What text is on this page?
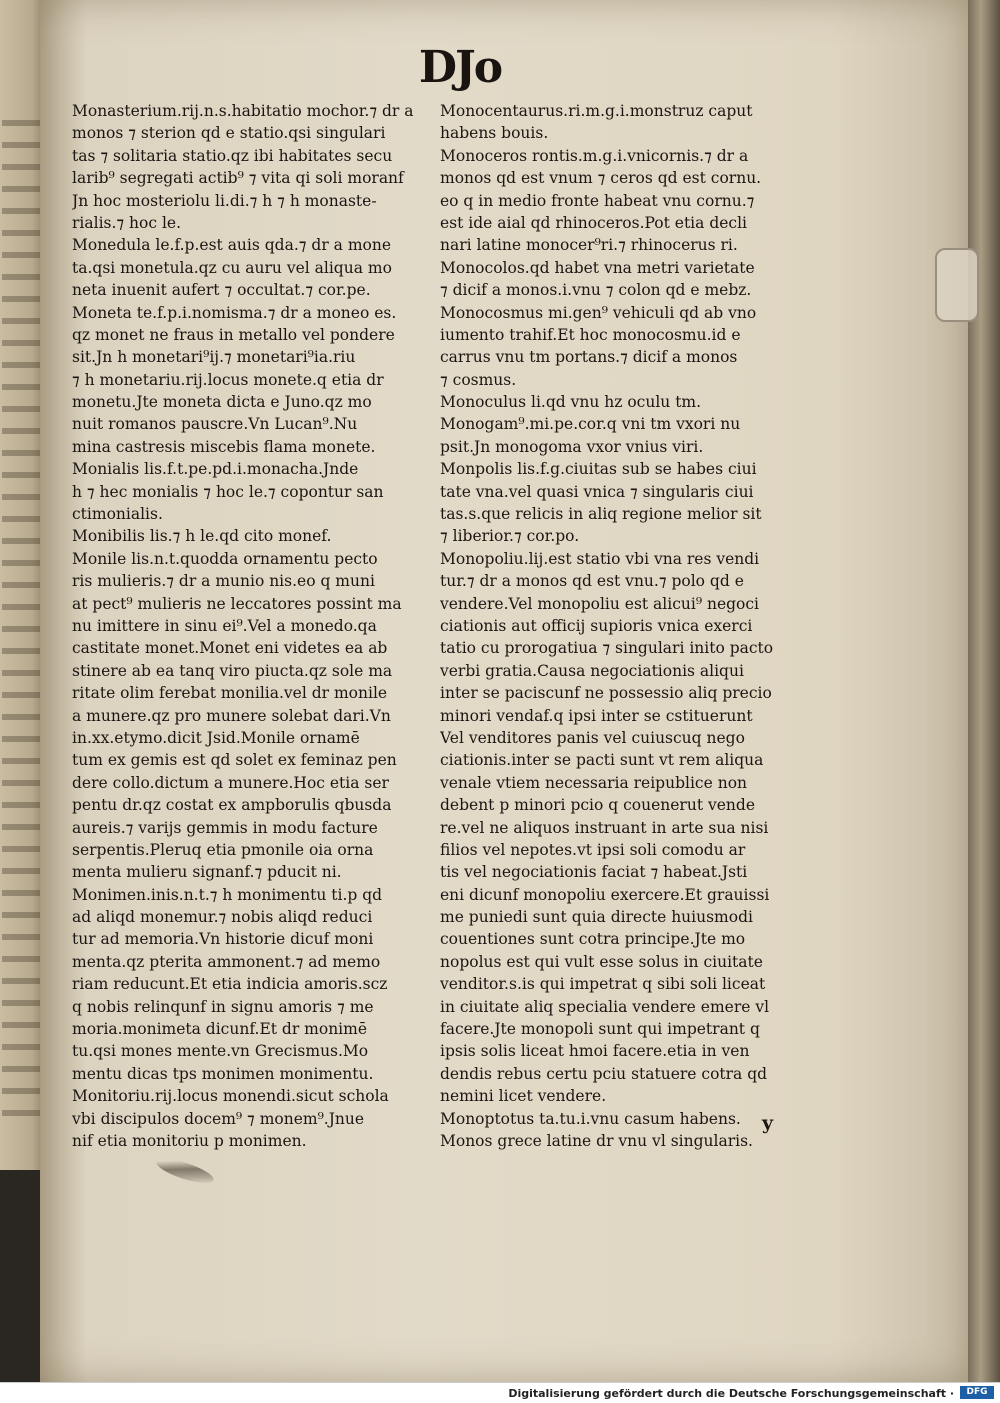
DJo
Monasterium.rij.n.s.habitatio mochor.⁊ dr a
monos ⁊ sterion qd e statio.qsi singulari
tas ⁊ solitaria statio.qz ibi habitates secu
larib⁹ segregati actib⁹ ⁊ vita qi soli moranf
Jn hoc mosteriolu li.di.⁊ h ⁊ h monaste-
rialis.⁊ hoc le.
Monedula le.f.p.est auis qda.⁊ dr a mone
ta.qsi monetula.qz cu auru vel aliqua mo
neta inuenit aufert ⁊ occultat.⁊ cor.pe.
Moneta te.f.p.i.nomisma.⁊ dr a moneo es.
qz monet ne fraus in metallo vel pondere
sit.Jn h monetari⁹ij.⁊ monetari⁹ia.riu
⁊ h monetariu.rij.locus monete.q etia dr
monetu.Jte moneta dicta e Juno.qz mo
nuit romanos pauscre.Vn Lucan⁹.Nu
mina castresis miscebis flama monete.
Monialis lis.f.t.pe.pd.i.monacha.Jnde
h ⁊ hec monialis ⁊ hoc le.⁊ copontur san
ctimonialis.
Monibilis lis.⁊ h le.qd cito monef.
Monile lis.n.t.quodda ornamentu pecto
ris mulieris.⁊ dr a munio nis.eo q muni
at pect⁹ mulieris ne leccatores possint ma
nu imittere in sinu ei⁹.Vel a monedo.qa
castitate monet.Monet eni videtes ea ab
stinere ab ea tanq viro piucta.qz sole ma
ritate olim ferebat monilia.vel dr monile
a munere.qz pro munere solebat dari.Vn
in.xx.etymo.dicit Jsid.Monile ornamē
tum ex gemis est qd solet ex feminaz pen
dere collo.dictum a munere.Hoc etia ser
pentu dr.qz costat ex ampborulis qbusda
aureis.⁊ varijs gemmis in modu facture
serpentis.Pleruq etia pmonile oia orna
menta mulieru signanf.⁊ pducit ni.
Monimen.inis.n.t.⁊ h monimentu ti.p qd
ad aliqd monemur.⁊ nobis aliqd reduci
tur ad memoria.Vn historie dicuf moni
menta.qz pterita ammonent.⁊ ad memo
riam reducunt.Et etia indicia amoris.scz
q nobis relinqunf in signu amoris ⁊ me
moria.monimeta dicunf.Et dr monimē
tu.qsi mones mente.vn Grecismus.Mo
mentu dicas tps monimen monimentu.
Monitoriu.rij.locus monendi.sicut schola
vbi discipulos docem⁹ ⁊ monem⁹.Jnue
nif etia monitoriu p monimen.
Monocentaurus.ri.m.g.i.monstruz caput
habens bouis.
Monoceros rontis.m.g.i.vnicornis.⁊ dr a
monos qd est vnum ⁊ ceros qd est cornu.
eo q in medio fronte habeat vnu cornu.⁊
est ide aial qd rhinoceros.Pot etia decli
nari latine monocer⁹ri.⁊ rhinocerus ri.
Monocolos.qd habet vna metri varietate
⁊ dicif a monos.i.vnu ⁊ colon qd e mebz.
Monocosmus mi.gen⁹ vehiculi qd ab vno
iumento trahif.Et hoc monocosmu.id e
carrus vnu tm portans.⁊ dicif a monos
⁊ cosmus.
Monoculus li.qd vnu hz oculu tm.
Monogam⁹.mi.pe.cor.q vni tm vxori nu
psit.Jn monogoma vxor vnius viri.
Monpolis lis.f.g.ciuitas sub se habes ciui
tate vna.vel quasi vnica ⁊ singularis ciui
tas.s.que relicis in aliq regione melior sit
⁊ liberior.⁊ cor.po.
Monopoliu.lij.est statio vbi vna res vendi
tur.⁊ dr a monos qd est vnu.⁊ polo qd e
vendere.Vel monopoliu est alicui⁹ negoci
ciationis aut officij supioris vnica exerci
tatio cu prorogatiua ⁊ singulari inito pacto
verbi gratia.Causa negociationis aliqui
inter se paciscunf ne possessio aliq precio
minori vendaf.q ipsi inter se cstituerunt
Vel venditores panis vel cuiuscuq nego
ciationis.inter se pacti sunt vt rem aliqua
venale vtiem necessaria reipublice non
debent p minori pcio q couenerut vende
re.vel ne aliquos instruant in arte sua nisi
filios vel nepotes.vt ipsi soli comodu ar
tis vel negociationis faciat ⁊ habeat.Jsti
eni dicunf monopoliu exercere.Et grauissi
me puniedi sunt quia directe huiusmodi
couentiones sunt cotra principe.Jte mo
nopolus est qui vult esse solus in ciuitate
venditor.s.is qui impetrat q sibi soli liceat
in ciuitate aliq specialia vendere emere vl
facere.Jte monopoli sunt qui impetrant q
ipsis solis liceat hmoi facere.etia in ven
dendis rebus certu pciu statuere cotra qd
nemini licet vendere.
Monoptotus ta.tu.i.vnu casum habens.
Monos grece latine dr vnu vl singularis.
y
Digitalisierung gefördert durch die Deutsche Forschungsgemeinschaft ·	DFG
